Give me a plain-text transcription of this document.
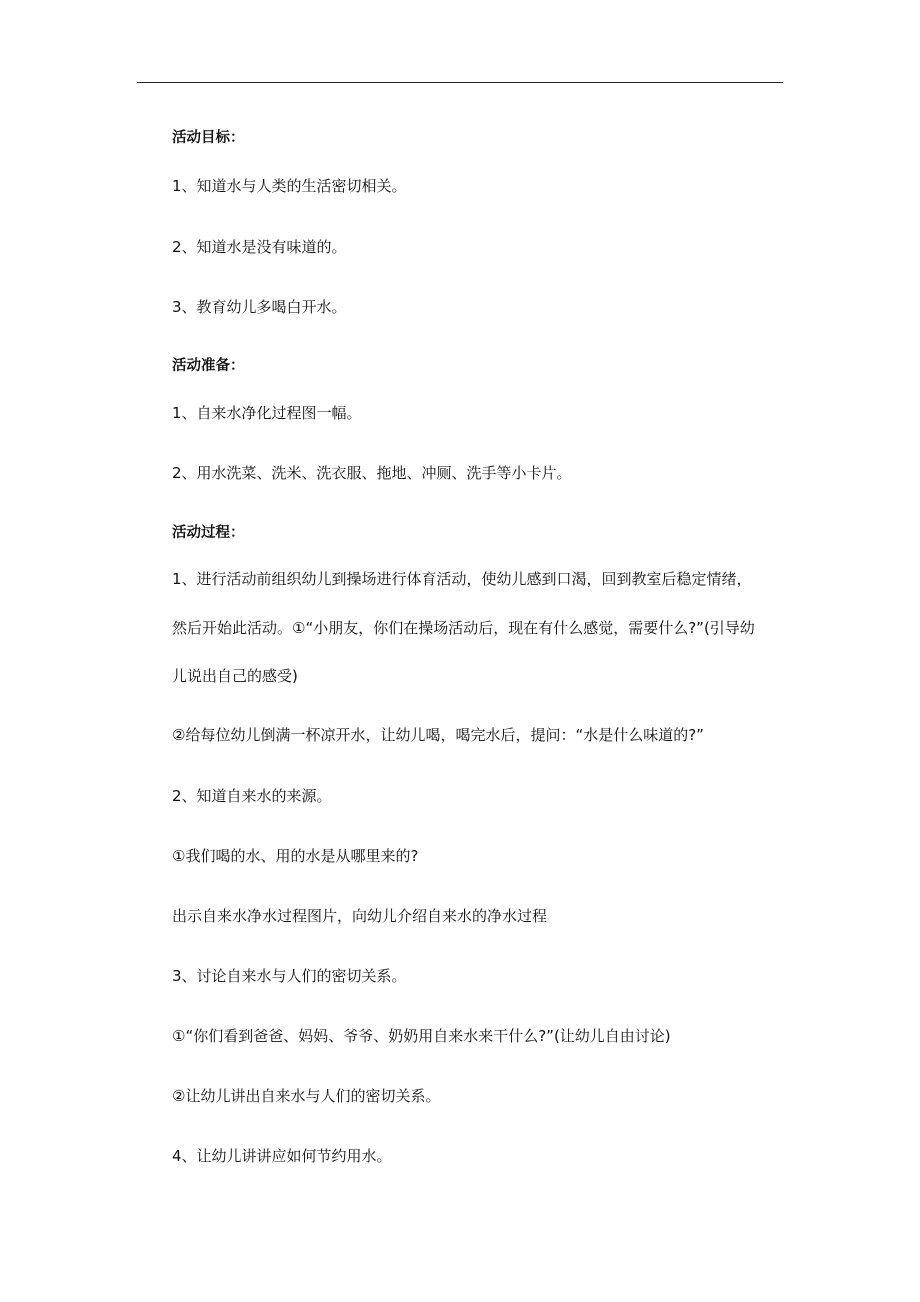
活动目标：
1、知道水与人类的生活密切相关。
2、知道水是没有味道的。
3、教育幼儿多喝白开水。
活动准备：
1、自来水净化过程图一幅。
2、用水洗菜、洗米、洗衣服、拖地、冲厕、洗手等小卡片。
活动过程：
1、进行活动前组织幼儿到操场进行体育活动，使幼儿感到口渴，回到教室后稳定情绪，
然后开始此活动。①“小朋友，你们在操场活动后，现在有什么感觉，需要什么?”(引导幼
儿说出自己的感受)
②给每位幼儿倒满一杯凉开水，让幼儿喝，喝完水后，提问：“水是什么味道的?”
2、知道自来水的来源。
①我们喝的水、用的水是从哪里来的?
出示自来水净水过程图片，向幼儿介绍自来水的净水过程
3、讨论自来水与人们的密切关系。
①“你们看到爸爸、妈妈、爷爷、奶奶用自来水来干什么?”(让幼儿自由讨论)
②让幼儿讲出自来水与人们的密切关系。
4、让幼儿讲讲应如何节约用水。
